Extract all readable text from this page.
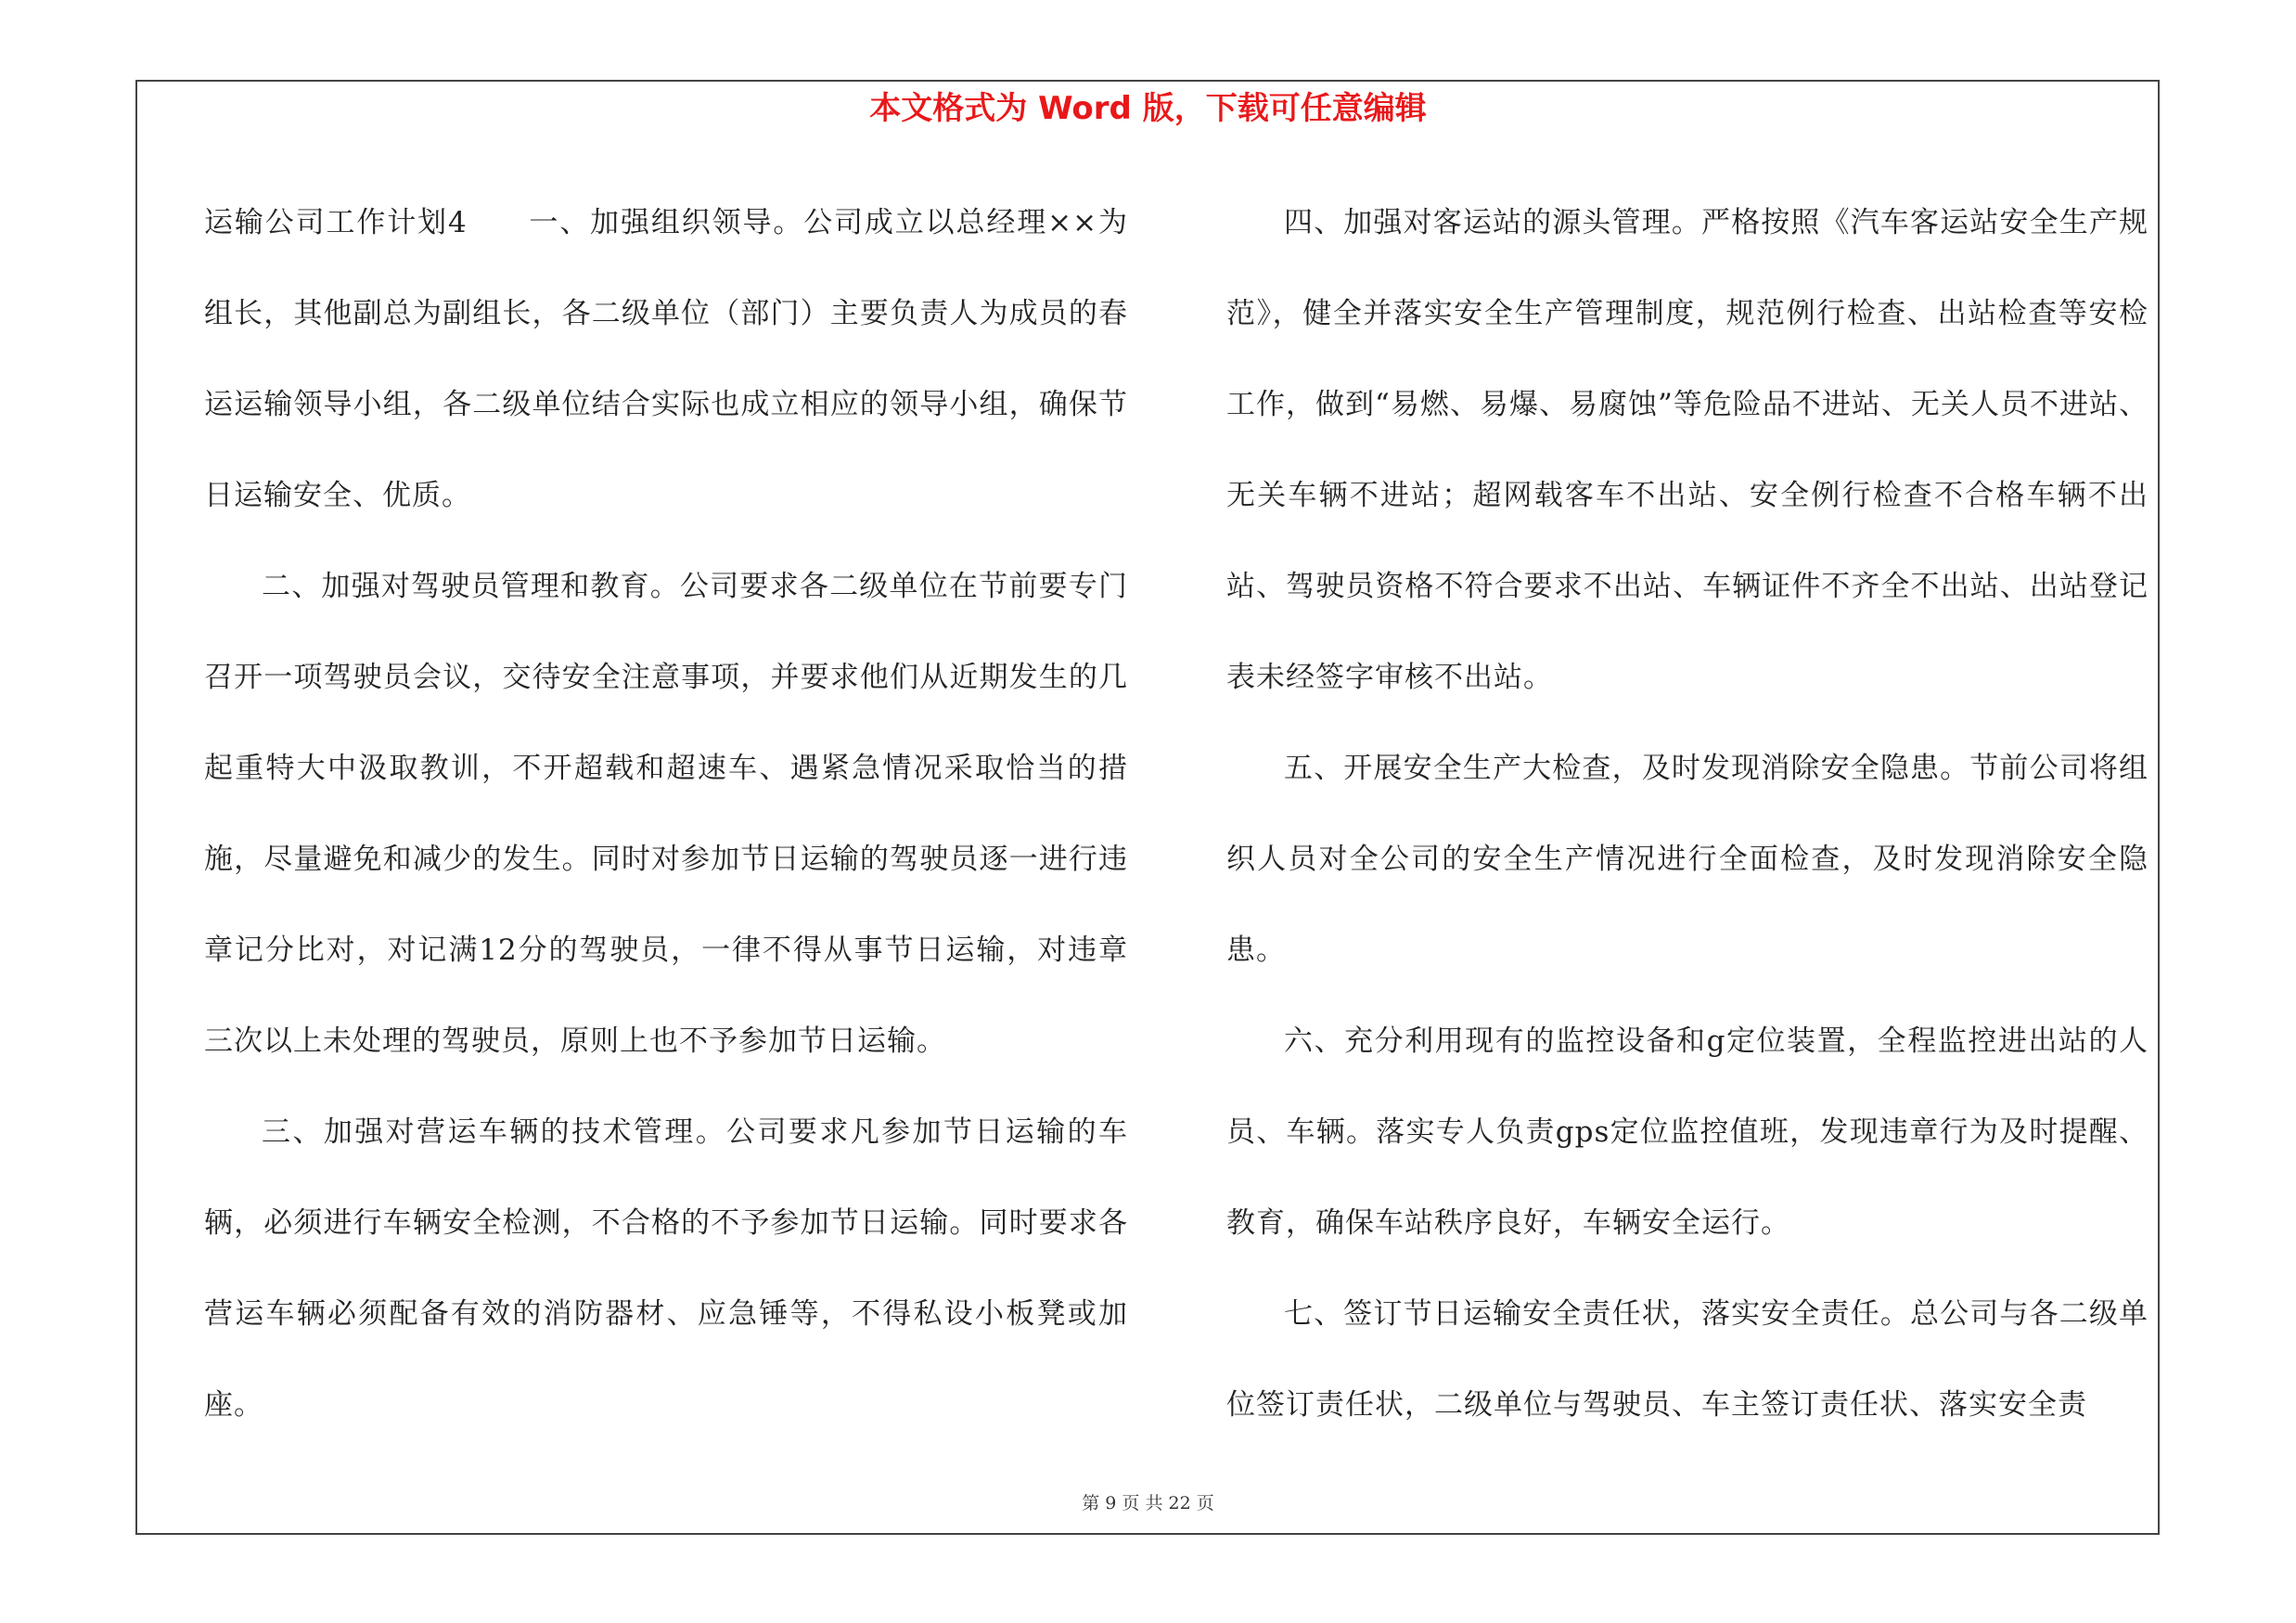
本文格式为 Word 版，下载可任意编辑

运输公司工作计划4　　一、加强组织领导。公司成立以总经理××为组长，其他副总为副组长，各二级单位（部门）主要负责人为成员的春运运输领导小组，各二级单位结合实际也成立相应的领导小组，确保节日运输安全、优质。

二、加强对驾驶员管理和教育。公司要求各二级单位在节前要专门召开一项驾驶员会议，交待安全注意事项，并要求他们从近期发生的几起重特大中汲取教训，不开超载和超速车、遇紧急情况采取恰当的措施，尽量避免和减少的发生。同时对参加节日运输的驾驶员逐一进行违章记分比对，对记满12分的驾驶员，一律不得从事节日运输，对违章三次以上未处理的驾驶员，原则上也不予参加节日运输。

三、加强对营运车辆的技术管理。公司要求凡参加节日运输的车辆，必须进行车辆安全检测，不合格的不予参加节日运输。同时要求各营运车辆必须配备有效的消防器材、应急锤等，不得私设小板凳或加座。

四、加强对客运站的源头管理。严格按照《汽车客运站安全生产规范》，健全并落实安全生产管理制度，规范例行检查、出站检查等安检工作，做到“易燃、易爆、易腐蚀”等危险品不进站、无关人员不进站、无关车辆不进站；超网载客车不出站、安全例行检查不合格车辆不出站、驾驶员资格不符合要求不出站、车辆证件不齐全不出站、出站登记表未经签字审核不出站。

五、开展安全生产大检查，及时发现消除安全隐患。节前公司将组织人员对全公司的安全生产情况进行全面检查，及时发现消除安全隐患。

六、充分利用现有的监控设备和g定位装置，全程监控进出站的人员、车辆。落实专人负责gps定位监控值班，发现违章行为及时提醒、教育，确保车站秩序良好，车辆安全运行。

七、签订节日运输安全责任状，落实安全责任。总公司与各二级单位签订责任状，二级单位与驾驶员、车主签订责任状、落实安全责

第 9 页 共 22 页
